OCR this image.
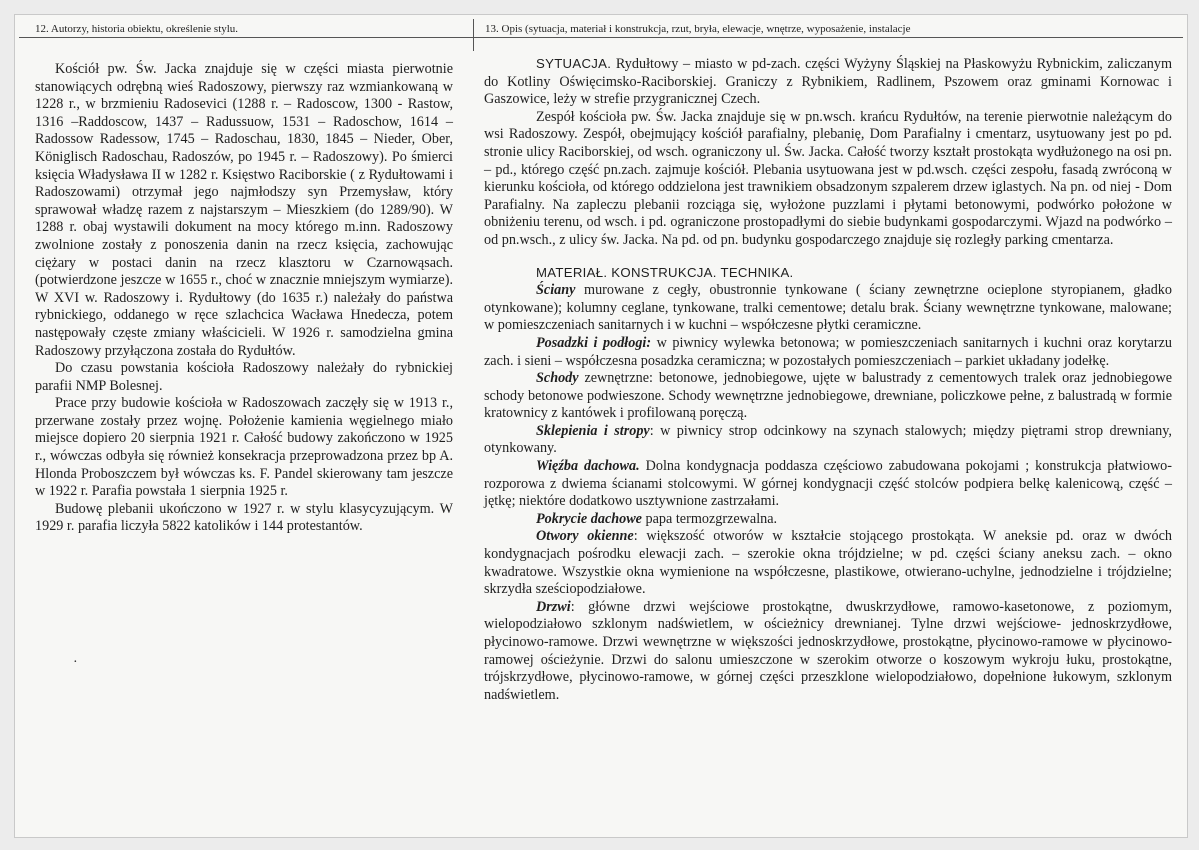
12. Autorzy, historia obiektu, określenie stylu.	13. Opis (sytuacja, materiał i konstrukcja, rzut, bryła, elewacje, wnętrze, wyposażenie, instalacje

Kościół pw. Św. Jacka znajduje się w części miasta pierwotnie stanowiących odrębną wieś Radoszowy, pierwszy raz wzmiankowaną w 1228 r., w brzmieniu Radosevici (1288 r. – Radoscow, 1300 - Rastow, 1316 –Raddoscow, 1437 – Radussuow, 1531 – Radoschow, 1614 – Radossow Radessow, 1745 – Radoschau, 1830, 1845 – Nieder, Ober, Königlisch Radoschau, Radoszów, po 1945 r. – Radoszowy). Po śmierci księcia Władysława II w 1282 r. Księstwo Raciborskie ( z Rydułtowami i Radoszowami) otrzymał jego najmłodszy syn Przemysław, który sprawował władzę razem z najstarszym – Mieszkiem (do 1289/90). W 1288 r. obaj wystawili dokument na mocy którego m.inn. Radoszowy zwolnione zostały z ponoszenia danin na rzecz księcia, zachowując ciężary w postaci danin na rzecz klasztoru w Czarnowąsach. (potwierdzone jeszcze w 1655 r., choć w znacznie mniejszym wymiarze). W XVI w. Radoszowy i. Rydułtowy (do 1635 r.) należały do państwa rybnickiego, oddanego w ręce szlachcica Wacława Hnedecza, potem następowały częste zmiany właścicieli. W 1926 r. samodzielna gmina Radoszowy przyłączona została do Rydułtów.

Do czasu powstania kościoła Radoszowy należały do rybnickiej parafii NMP Bolesnej.

Prace przy budowie kościoła w Radoszowach zaczęły się w 1913 r., przerwane zostały przez wojnę. Położenie kamienia węgielnego miało miejsce dopiero 20 sierpnia 1921 r. Całość budowy zakończono w 1925 r., wówczas odbyła się również konsekracja przeprowadzona przez bp A. Hlonda Proboszczem był wówczas ks. F. Pandel skierowany tam jeszcze w 1922 r. Parafia powstała 1 sierpnia 1925 r.

Budowę plebanii ukończono w 1927 r. w stylu klasycyzującym. W 1929 r. parafia liczyła 5822 katolików i 144 protestantów.

·

SYTUACJA. Rydułtowy – miasto w pd-zach. części Wyżyny Śląskiej na Płaskowyżu Rybnickim, zaliczanym do Kotliny Oświęcimsko-Raciborskiej. Graniczy z Rybnikiem, Radlinem, Pszowem oraz gminami Kornowac i Gaszowice, leży w strefie przygranicznej Czech.

Zespół kościoła pw. Św. Jacka znajduje się w pn.wsch. krańcu Rydułtów, na terenie pierwotnie należącym do wsi Radoszowy. Zespół, obejmujący kościół parafialny, plebanię, Dom Parafialny i cmentarz, usytuowany jest po pd. stronie ulicy Raciborskiej, od wsch. ograniczony ul. Św. Jacka. Całość tworzy kształt prostokąta wydłużonego na osi pn. – pd., którego część pn.zach. zajmuje kościół. Plebania usytuowana jest w pd.wsch. części zespołu, fasadą zwróconą w kierunku kościoła, od którego oddzielona jest trawnikiem obsadzonym szpalerem drzew iglastych. Na pn. od niej - Dom Parafialny. Na zapleczu plebanii rozciąga się, wyłożone puzzlami i płytami betonowymi, podwórko położone w obniżeniu terenu, od wsch. i pd. ograniczone prostopadłymi do siebie budynkami gospodarczymi. Wjazd na podwórko – od pn.wsch., z ulicy św. Jacka. Na pd. od pn. budynku gospodarczego znajduje się rozległy parking cmentarza.

MATERIAŁ. KONSTRUKCJA. TECHNIKA.

Ściany murowane z cegły, obustronnie tynkowane ( ściany zewnętrzne ocieplone styropianem, gładko otynkowane); kolumny ceglane, tynkowane, tralki cementowe; detalu brak. Ściany wewnętrzne tynkowane, malowane; w pomieszczeniach sanitarnych i w kuchni – współczesne płytki ceramiczne.

Posadzki i podłogi: w piwnicy wylewka betonowa; w pomieszczeniach sanitarnych i kuchni oraz korytarzu zach. i sieni – współczesna posadzka ceramiczna; w pozostałych pomieszczeniach – parkiet układany jodełkę.

Schody zewnętrzne: betonowe, jednobiegowe, ujęte w balustrady z cementowych tralek oraz jednobiegowe schody betonowe podwieszone. Schody wewnętrzne jednobiegowe, drewniane, policzkowe pełne, z balustradą w formie kratownicy z kantówek i profilowaną poręczą.

Sklepienia i stropy: w piwnicy strop odcinkowy na szynach stalowych; między piętrami strop drewniany, otynkowany.

Więźba dachowa. Dolna kondygnacja poddasza częściowo zabudowana pokojami ; konstrukcja płatwiowo-rozporowa z dwiema ścianami stolcowymi. W górnej kondygnacji część stolców podpiera belkę kalenicową, część – jętkę; niektóre dodatkowo usztywnione zastrzałami.

Pokrycie dachowe papa termozgrzewalna.

Otwory okienne: większość otworów w kształcie stojącego prostokąta. W aneksie pd. oraz w dwóch kondygnacjach pośrodku elewacji zach. – szerokie okna trójdzielne; w pd. części ściany aneksu zach. – okno kwadratowe. Wszystkie okna wymienione na współczesne, plastikowe, otwierano-uchylne, jednodzielne i trójdzielne; skrzydła sześciopodziałowe.

Drzwi: główne drzwi wejściowe prostokątne, dwuskrzydłowe, ramowo-kasetonowe, z poziomym, wielopodziałowo szklonym nadświetlem, w ościeżnicy drewnianej. Tylne drzwi wejściowe- jednoskrzydłowe, płycinowo-ramowe. Drzwi wewnętrzne w większości jednoskrzydłowe, prostokątne, płycinowo-ramowe w płycinowo-ramowej ościeżynie. Drzwi do salonu umieszczone w szerokim otworze o koszowym wykroju łuku, prostokątne, trójskrzydłowe, płycinowo-ramowe, w górnej części przeszklone wielopodziałowo, dopełnione łukowym, szklonym nadświetlem.
